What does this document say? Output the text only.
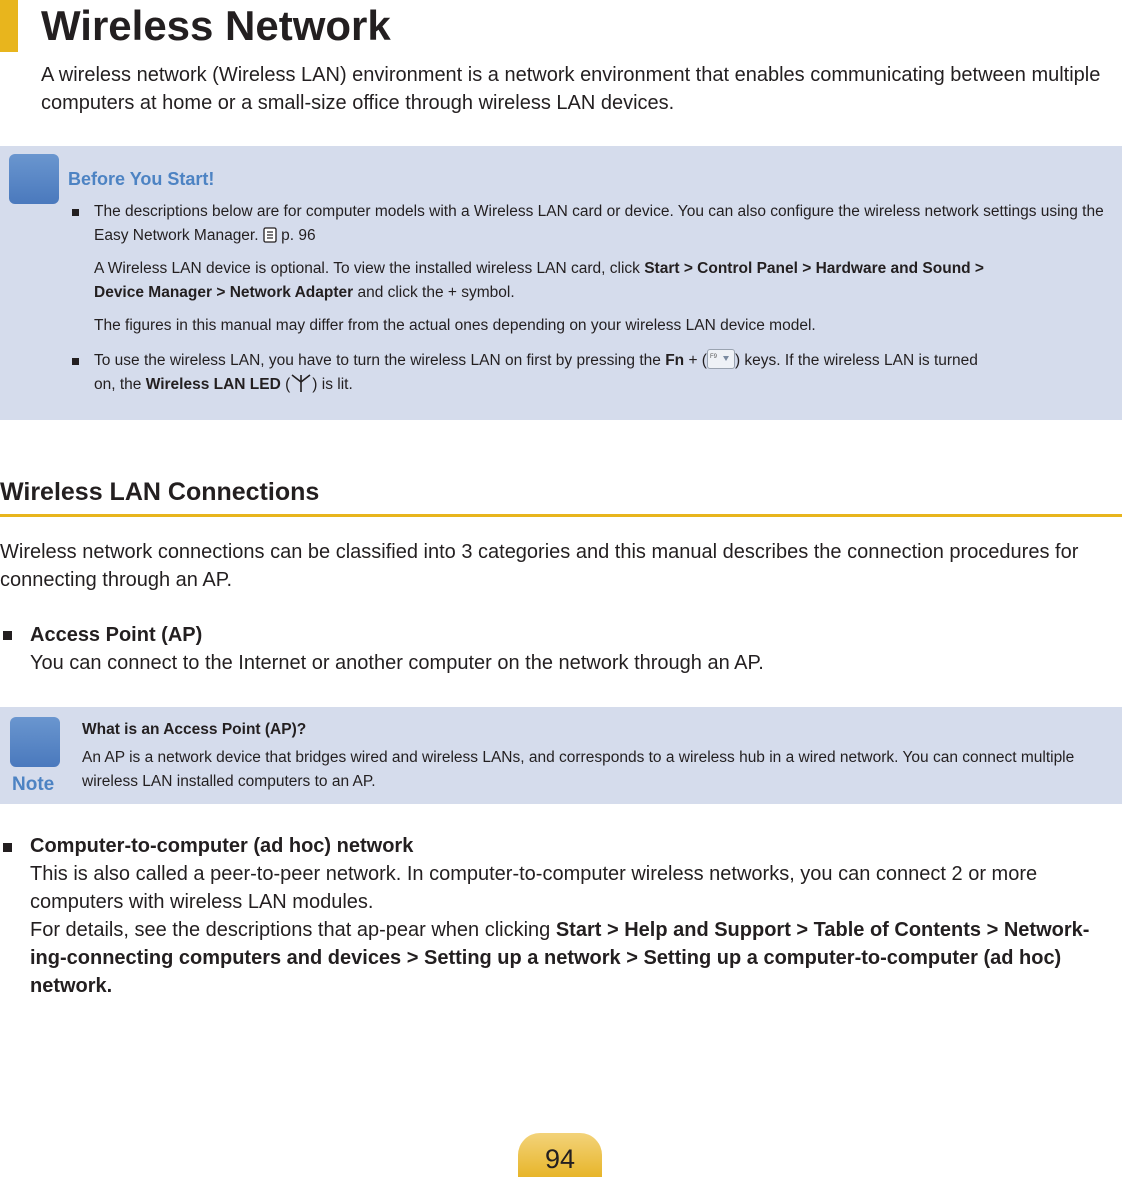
Wireless Network

A wireless network (Wireless LAN) environment is a network environment that enables communicating between multiple computers at home or a small-size office through wireless LAN devices.

Before You Start!

The descriptions below are for computer models with a Wireless LAN card or device. You can also configure the wireless network settings using the Easy Network Manager. p. 96

A Wireless LAN device is optional. To view the installed wireless LAN card, click Start > Control Panel > Hardware and Sound >
Device Manager > Network Adapter and click the + symbol.

The figures in this manual may differ from the actual ones depending on your wireless LAN device model.

To use the wireless LAN, you have to turn the wireless LAN on first by pressing the Fn + ( F9 ) keys. If the wireless LAN is turned
on, the Wireless LAN LED ( ) is lit.

Wireless LAN Connections

Wireless network connections can be classified into 3 categories and this manual describes the connection procedures for connecting through an AP.

Access Point (AP)
You can connect to the Internet or another computer on the network through an AP.

Note

What is an Access Point (AP)?

An AP is a network device that bridges wired and wireless LANs, and corresponds to a wireless hub in a wired network. You can connect multiple wireless LAN installed computers to an AP.

Computer-to-computer (ad hoc) network
This is also called a peer-to-peer network. In computer-to-computer wireless networks, you can connect 2 or more computers with wireless LAN modules.
For details, see the descriptions that ap-pear when clicking Start > Help and Support > Table of Contents > Network-ing-connecting computers and devices > Setting up a network > Setting up a computer-to-computer (ad hoc) network.

94
